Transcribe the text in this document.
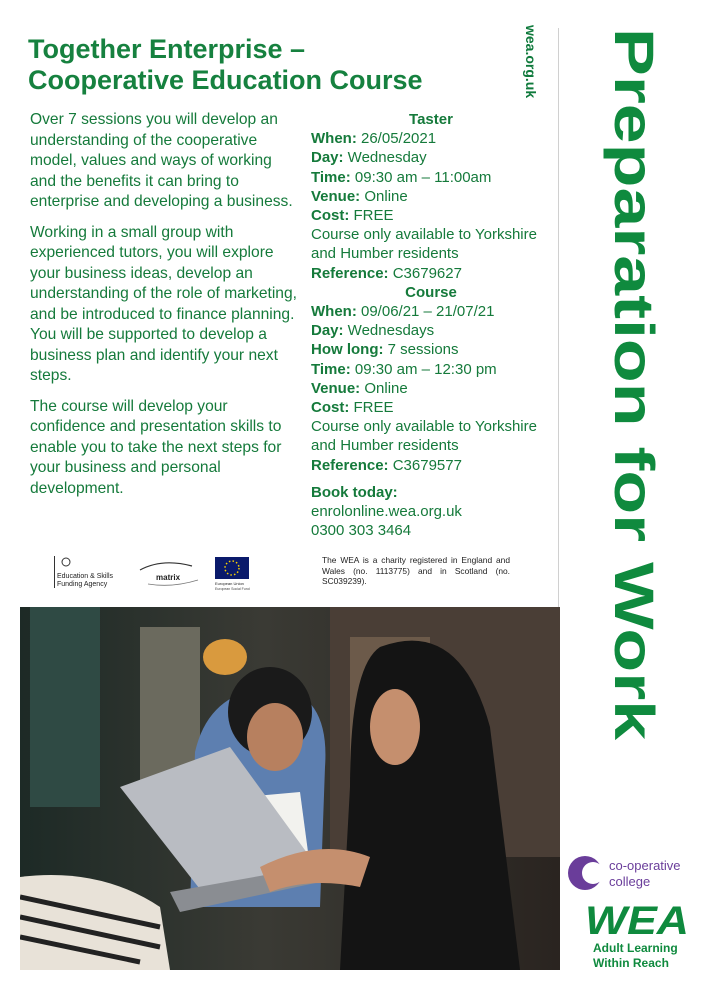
Together Enterprise –
Cooperative Education Course

Over 7 sessions you will develop an understanding of the cooperative model, values and ways of working and the benefits it can bring to enterprise and developing a business.

Working in a small group with experienced tutors, you will explore your business ideas, develop an understanding of the role of marketing, and be introduced to finance planning. You will be supported to develop a business plan and identify your next steps.

The course will develop your confidence and presentation skills to enable you to take the next steps for your business and personal development.

Taster
When: 26/05/2021
Day: Wednesday
Time: 09:30 am – 11:00am
Venue: Online
Cost: FREE
Course only available to Yorkshire and Humber residents
Reference: C3679627
Course
When: 09/06/21 – 21/07/21
Day: Wednesdays
How long: 7 sessions
Time: 09:30 am – 12:30 pm
Venue: Online
Cost: FREE
Course only available to Yorkshire and Humber residents
Reference: C3679577
Book today:
enrolonline.wea.org.uk
0300 303 3464
wea.org.uk Preparation for Work
Education & Skills
Funding Agency
matrix
European Union
European Social Fund
The WEA is a charity registered in England and Wales (no. 1113775) and in Scotland (no. SC039239).
co-operative
college
WEA
Adult Learning
Within Reach
